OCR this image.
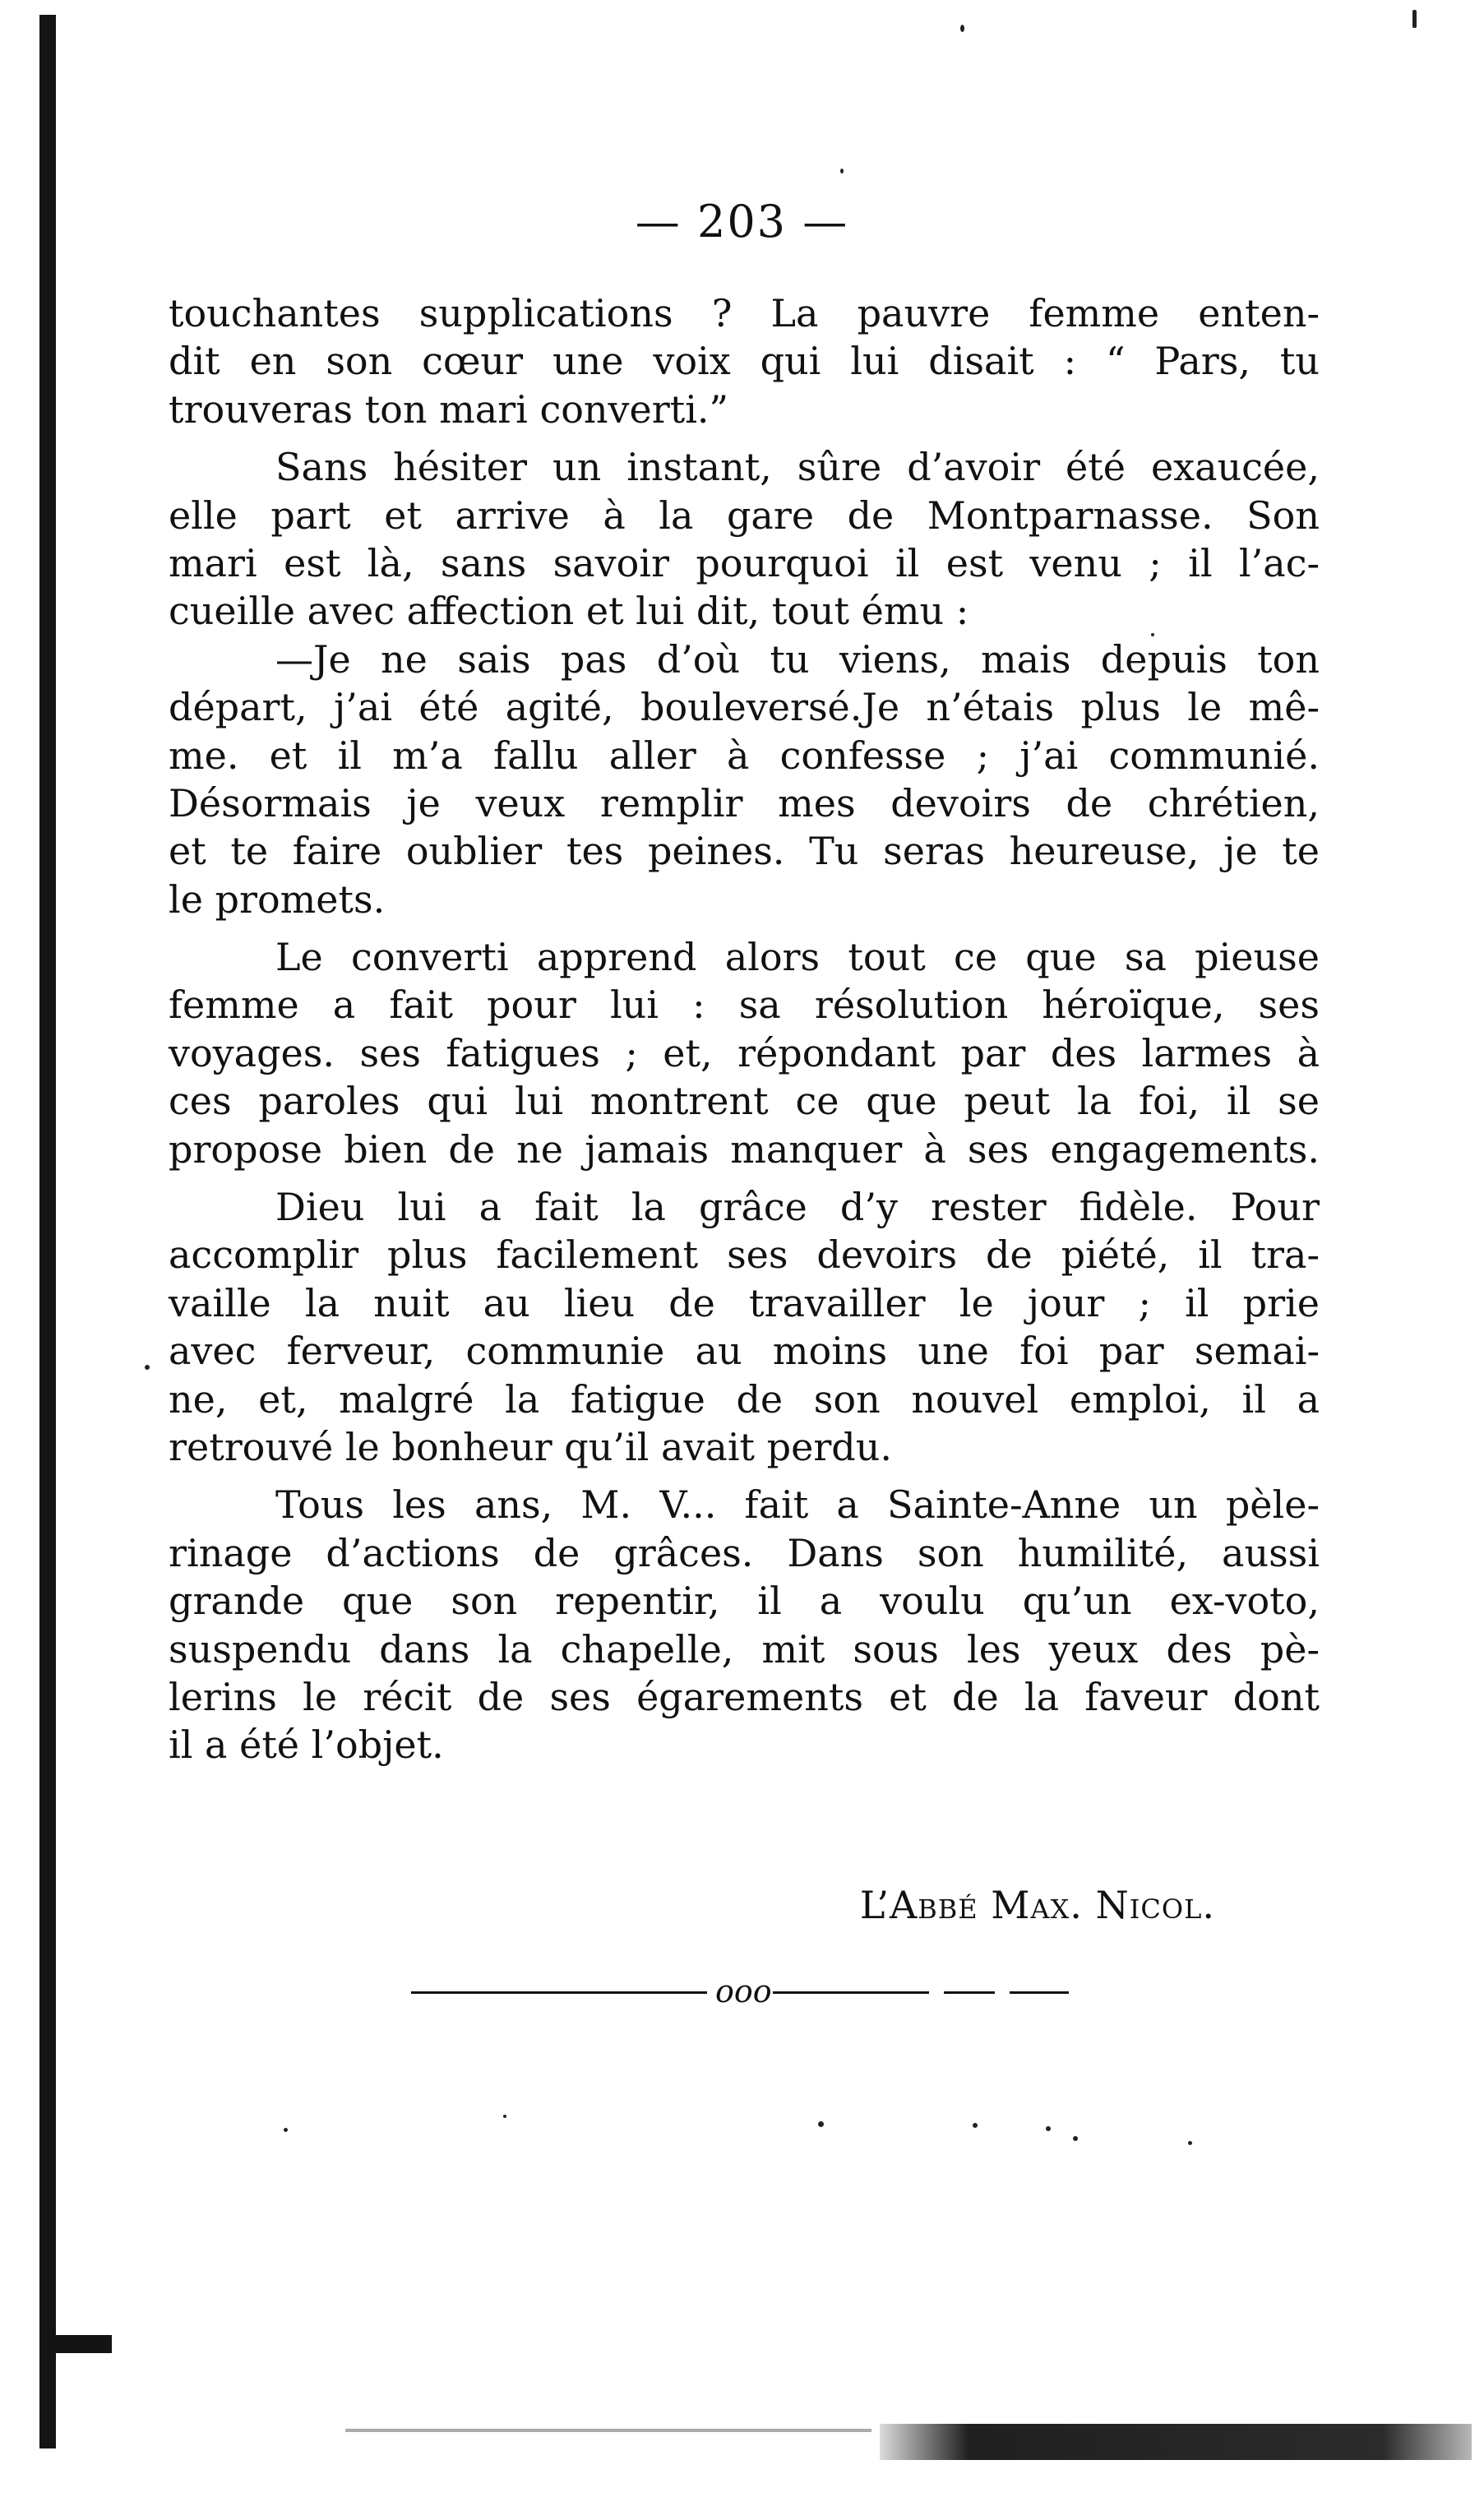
— 203 —
touchantes supplications ? La pauvre femme enten-
dit en son cœur une voix qui lui disait : “ Pars, tu
trouveras ton mari converti.”
Sans hésiter un instant, sûre d’avoir été exaucée,
elle part et arrive à la gare de Montparnasse. Son
mari est là, sans savoir pourquoi il est venu ; il l’ac-
cueille avec affection et lui dit, tout ému :
—Je ne sais pas d’où tu viens, mais depuis ton
départ, j’ai été agité, bouleversé.Je n’étais plus le mê-
me. et il m’a fallu aller à confesse ; j’ai communié.
Désormais je veux remplir mes devoirs de chrétien,
et te faire oublier tes peines. Tu seras heureuse, je te
le promets.
Le converti apprend alors tout ce que sa pieuse
femme a fait pour lui : sa résolution héroïque, ses
voyages. ses fatigues ; et, répondant par des larmes à
ces paroles qui lui montrent ce que peut la foi, il se
propose bien de ne jamais manquer à ses engagements.
Dieu lui a fait la grâce d’y rester fidèle. Pour
accomplir plus facilement ses devoirs de piété, il tra-
vaille la nuit au lieu de travailler le jour ; il prie
avec ferveur, communie au moins une foi par semai-
ne, et, malgré la fatigue de son nouvel emploi, il a
retrouvé le bonheur qu’il avait perdu.
Tous les ans, M. V... fait a Sainte-Anne un pèle-
rinage d’actions de grâces. Dans son humilité, aussi
grande que son repentir, il a voulu qu’un ex-voto,
suspendu dans la chapelle, mit sous les yeux des pè-
lerins le récit de ses égarements et de la faveur dont
il a été l’objet.
L’Abbé Max. Nicol.
ooo
